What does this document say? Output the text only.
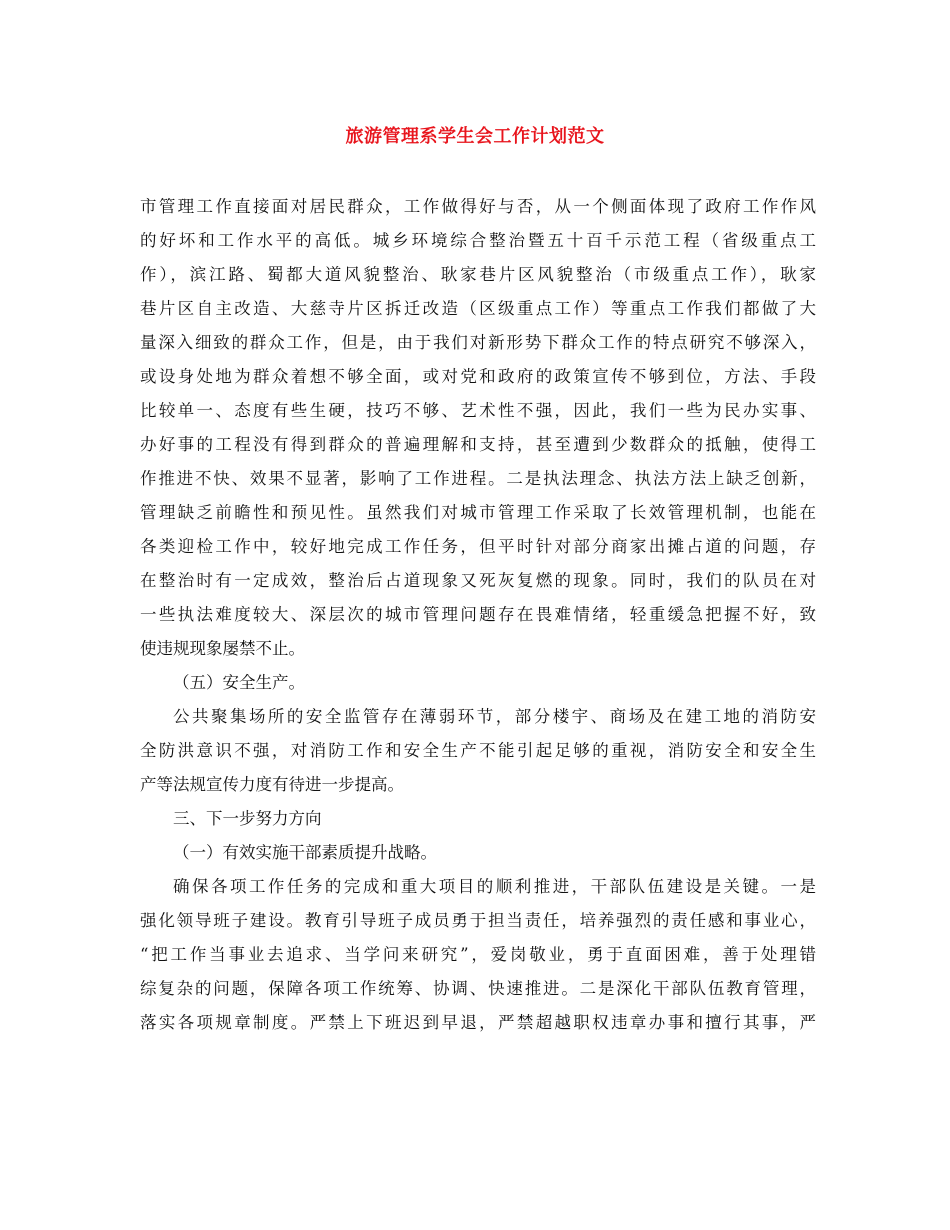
旅游管理系学生会工作计划范文
市管理工作直接面对居民群众，工作做得好与否，从一个侧面体现了政府工作作风
的好坏和工作水平的高低。城乡环境综合整治暨五十百千示范工程（省级重点工
作），滨江路、蜀都大道风貌整治、耿家巷片区风貌整治（市级重点工作），耿家
巷片区自主改造、大慈寺片区拆迁改造（区级重点工作）等重点工作我们都做了大
量深入细致的群众工作，但是，由于我们对新形势下群众工作的特点研究不够深入，
或设身处地为群众着想不够全面，或对党和政府的政策宣传不够到位，方法、手段
比较单一、态度有些生硬，技巧不够、艺术性不强，因此，我们一些为民办实事、
办好事的工程没有得到群众的普遍理解和支持，甚至遭到少数群众的抵触，使得工
作推进不快、效果不显著，影响了工作进程。二是执法理念、执法方法上缺乏创新，
管理缺乏前瞻性和预见性。虽然我们对城市管理工作采取了长效管理机制，也能在
各类迎检工作中，较好地完成工作任务，但平时针对部分商家出摊占道的问题，存
在整治时有一定成效，整治后占道现象又死灰复燃的现象。同时，我们的队员在对
一些执法难度较大、深层次的城市管理问题存在畏难情绪，轻重缓急把握不好，致
使违规现象屡禁不止。
（五）安全生产。
公共聚集场所的安全监管存在薄弱环节，部分楼宇、商场及在建工地的消防安
全防洪意识不强，对消防工作和安全生产不能引起足够的重视，消防安全和安全生
产等法规宣传力度有待进一步提高。
三、下一步努力方向
（一）有效实施干部素质提升战略。
确保各项工作任务的完成和重大项目的顺利推进，干部队伍建设是关键。一是
强化领导班子建设。教育引导班子成员勇于担当责任，培养强烈的责任感和事业心，
“把工作当事业去追求、当学问来研究”，爱岗敬业，勇于直面困难，善于处理错
综复杂的问题，保障各项工作统筹、协调、快速推进。二是深化干部队伍教育管理，
落实各项规章制度。严禁上下班迟到早退，严禁超越职权违章办事和擅行其事，严
